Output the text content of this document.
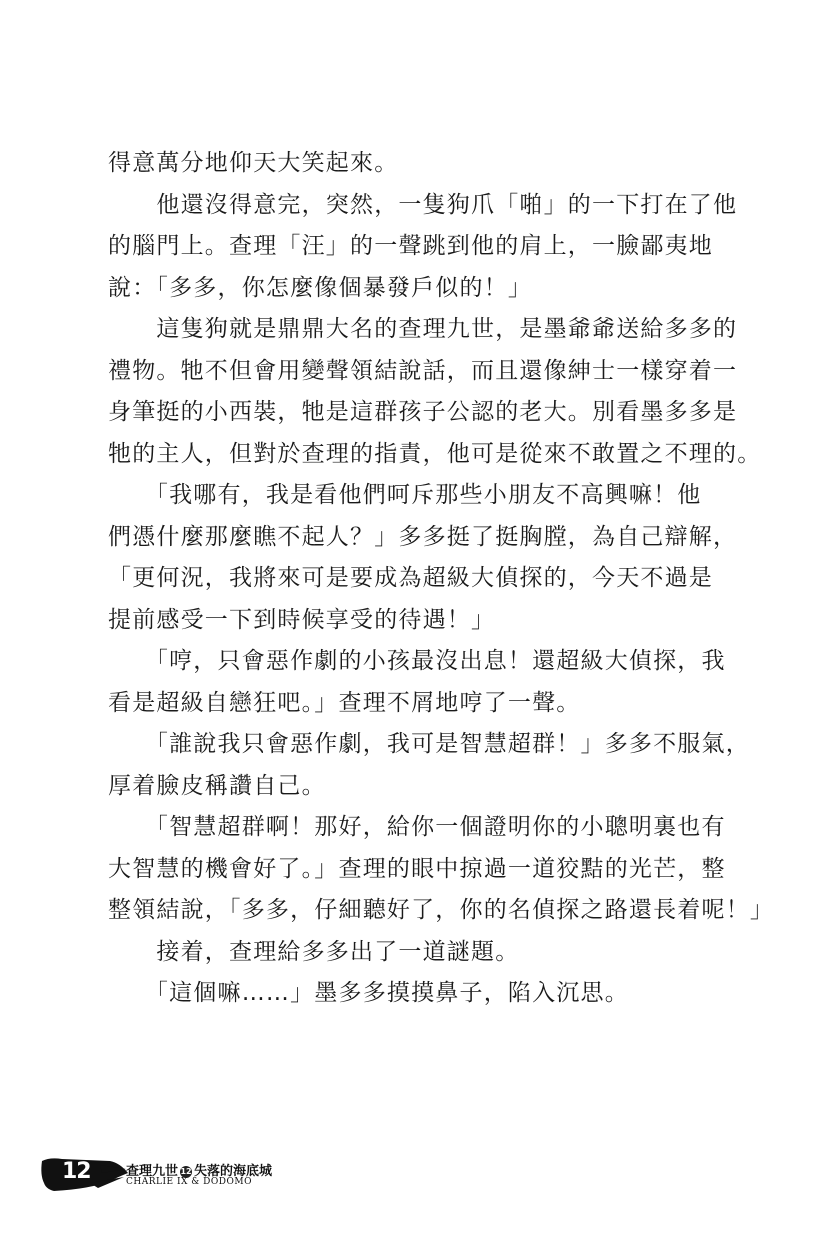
得意萬分地仰天大笑起來。

　　他還沒得意完，突然，一隻狗爪「啪」的一下打在了他

的腦門上。查理「汪」的一聲跳到他的肩上，一臉鄙夷地

說：「多多，你怎麼像個暴發戶似的！」

　　這隻狗就是鼎鼎大名的查理九世，是墨爺爺送給多多的

禮物。牠不但會用變聲領結說話，而且還像紳士一樣穿着一

身筆挺的小西裝，牠是這群孩子公認的老大。別看墨多多是

牠的主人，但對於查理的指責，他可是從來不敢置之不理的。

　　「我哪有，我是看他們呵斥那些小朋友不高興嘛！他

們憑什麼那麼瞧不起人？」多多挺了挺胸膛，為自己辯解，

「更何況，我將來可是要成為超級大偵探的，今天不過是

提前感受一下到時候享受的待遇！」

　　「哼，只會惡作劇的小孩最沒出息！還超級大偵探，我

看是超級自戀狂吧。」查理不屑地哼了一聲。

　　「誰說我只會惡作劇，我可是智慧超群！」多多不服氣，

厚着臉皮稱讚自己。

　　「智慧超群啊！那好，給你一個證明你的小聰明裏也有

大智慧的機會好了。」查理的眼中掠過一道狡黠的光芒，整

整領結說，「多多，仔細聽好了，你的名偵探之路還長着呢！」

　　接着，查理給多多出了一道謎題。

　　「這個嘛……」墨多多摸摸鼻子，陷入沉思。

12	查理九世 12 失落的海底城
CHARLIE IX & DODOMO
